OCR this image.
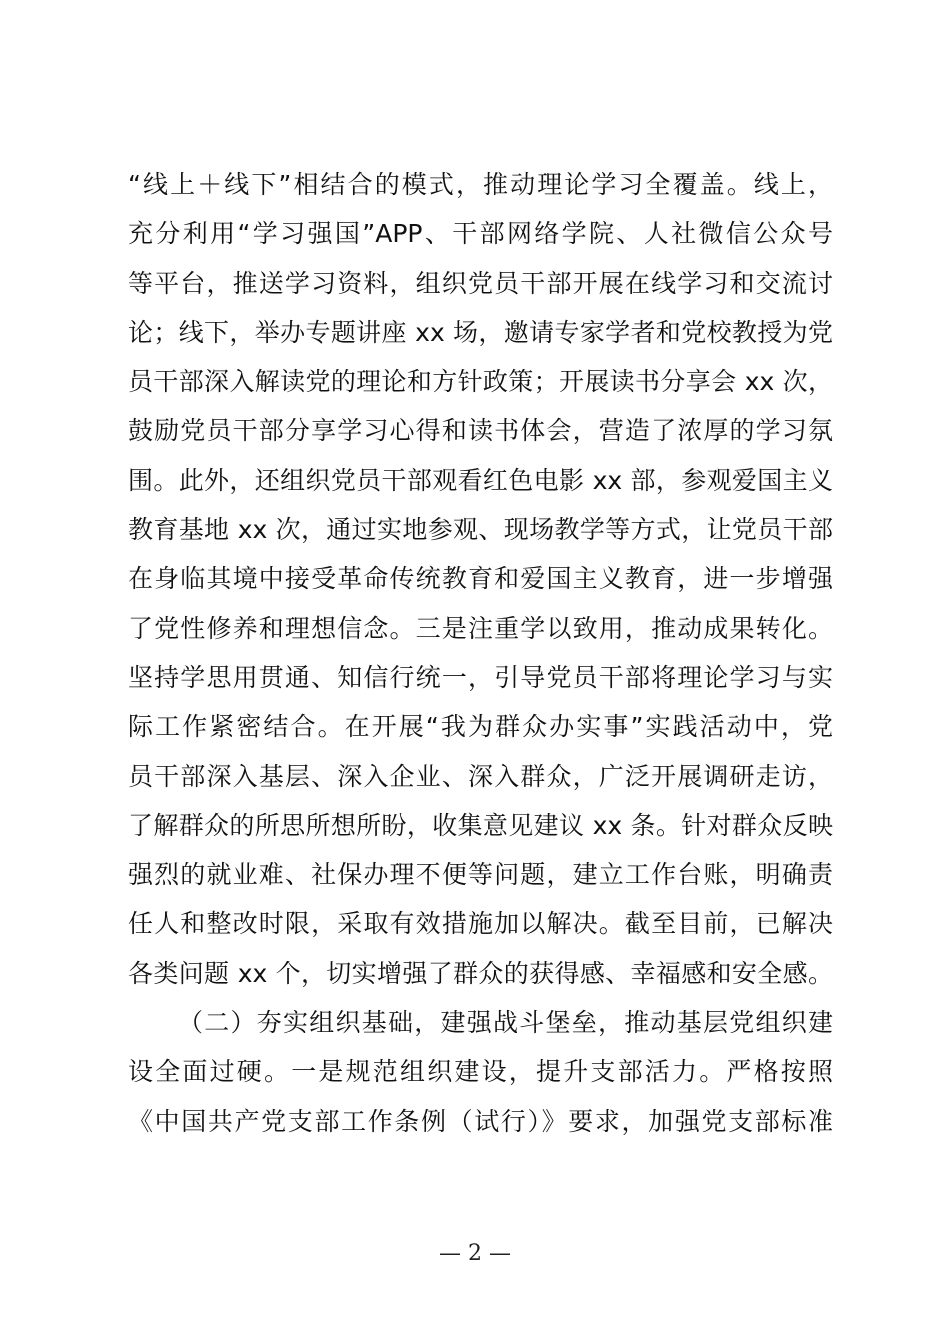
“线上＋线下”相结合的模式，推动理论学习全覆盖。线上，
充分利用“学习强国”APP、干部网络学院、人社微信公众号
等平台，推送学习资料，组织党员干部开展在线学习和交流讨
论；线下，举办专题讲座 xx 场，邀请专家学者和党校教授为党
员干部深入解读党的理论和方针政策；开展读书分享会 xx 次，
鼓励党员干部分享学习心得和读书体会，营造了浓厚的学习氛
围。此外，还组织党员干部观看红色电影 xx 部，参观爱国主义
教育基地 xx 次，通过实地参观、现场教学等方式，让党员干部
在身临其境中接受革命传统教育和爱国主义教育，进一步增强
了党性修养和理想信念。三是注重学以致用，推动成果转化。
坚持学思用贯通、知信行统一，引导党员干部将理论学习与实
际工作紧密结合。在开展“我为群众办实事”实践活动中，党
员干部深入基层、深入企业、深入群众，广泛开展调研走访，
了解群众的所思所想所盼，收集意见建议 xx 条。针对群众反映
强烈的就业难、社保办理不便等问题，建立工作台账，明确责
任人和整改时限，采取有效措施加以解决。截至目前，已解决
各类问题 xx 个，切实增强了群众的获得感、幸福感和安全感。
（二）夯实组织基础，建强战斗堡垒，推动基层党组织建
设全面过硬。一是规范组织建设，提升支部活力。严格按照
《中国共产党支部工作条例（试行）》要求，加强党支部标准
— 2 —
